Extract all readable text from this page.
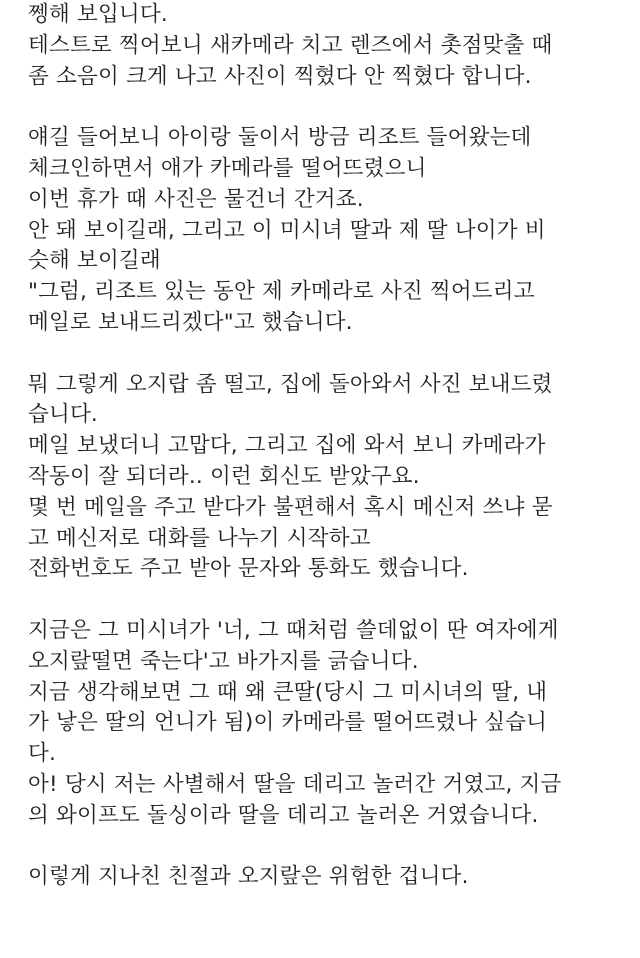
쩽해 보입니다.
테스트로 찍어보니 새카메라 치고 렌즈에서 촛점맞출 때
좀 소음이 크게 나고 사진이 찍혔다 안 찍혔다 합니다.
얘길 들어보니 아이랑 둘이서 방금 리조트 들어왔는데
체크인하면서 애가 카메라를 떨어뜨렸으니
이번 휴가 때 사진은 물건너 간거죠.
안 돼 보이길래, 그리고 이 미시녀 딸과 제 딸 나이가 비
슷해 보이길래
"그럼, 리조트 있는 동안 제 카메라로 사진 찍어드리고
메일로 보내드리겠다"고 했습니다.
뭐 그렇게 오지랍 좀 떨고, 집에 돌아와서 사진 보내드렸
습니다.
메일 보냈더니 고맙다, 그리고 집에 와서 보니 카메라가
작동이 잘 되더라.. 이런 회신도 받았구요.
몇 번 메일을 주고 받다가 불편해서 혹시 메신저 쓰냐 묻
고 메신저로 대화를 나누기 시작하고
전화번호도 주고 받아 문자와 통화도 했습니다.
지금은 그 미시녀가 '너, 그 때처럼 쓸데없이 딴 여자에게
오지랖떨면 죽는다'고 바가지를 긁습니다.
지금 생각해보면 그 때 왜 큰딸(당시 그 미시녀의 딸, 내
가 낳은 딸의 언니가 됨)이 카메라를 떨어뜨렸나 싶습니
다.
아! 당시 저는 사별해서 딸을 데리고 놀러간 거였고, 지금
의 와이프도 돌싱이라 딸을 데리고 놀러온 거였습니다.
이렇게 지나친 친절과 오지랖은 위험한 겁니다.
